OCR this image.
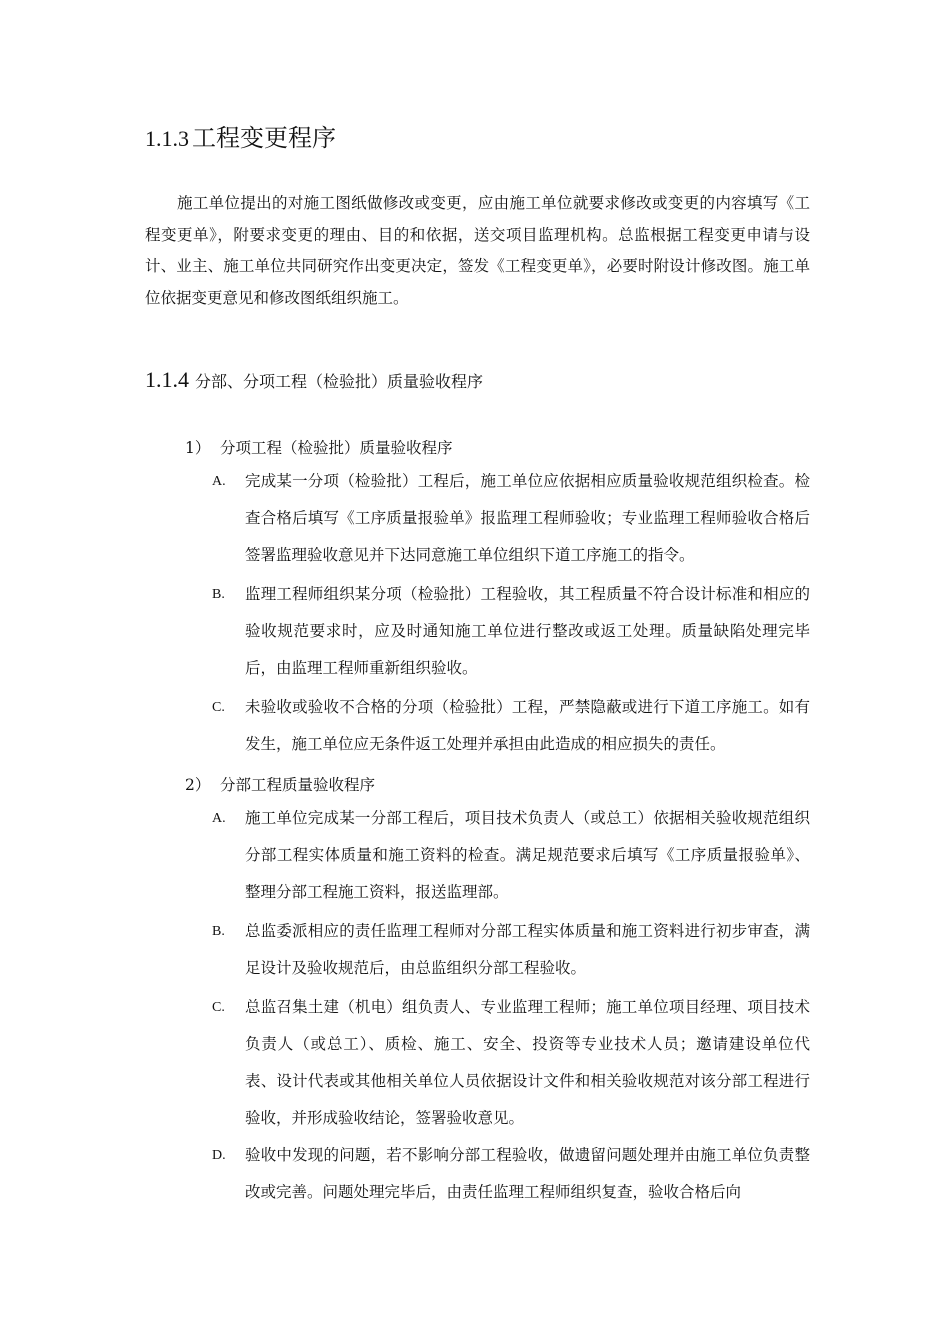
1.1.3 工程变更程序
施工单位提出的对施工图纸做修改或变更，应由施工单位就要求修改或变更的内容填写《工程变更单》，附要求变更的理由、目的和依据，送交项目监理机构。总监根据工程变更申请与设计、业主、施工单位共同研究作出变更决定，签发《工程变更单》，必要时附设计修改图。施工单位依据变更意见和修改图纸组织施工。
1.1.4 分部、分项工程（检验批）质量验收程序
1） 分项工程（检验批）质量验收程序
A. 完成某一分项（检验批）工程后，施工单位应依据相应质量验收规范组织检查。检查合格后填写《工序质量报验单》报监理工程师验收；专业监理工程师验收合格后签署监理验收意见并下达同意施工单位组织下道工序施工的指令。
B. 监理工程师组织某分项（检验批）工程验收，其工程质量不符合设计标准和相应的验收规范要求时，应及时通知施工单位进行整改或返工处理。质量缺陷处理完毕后，由监理工程师重新组织验收。
C. 未验收或验收不合格的分项（检验批）工程，严禁隐蔽或进行下道工序施工。如有发生，施工单位应无条件返工处理并承担由此造成的相应损失的责任。
2） 分部工程质量验收程序
A. 施工单位完成某一分部工程后，项目技术负责人（或总工）依据相关验收规范组织分部工程实体质量和施工资料的检查。满足规范要求后填写《工序质量报验单》、整理分部工程施工资料，报送监理部。
B. 总监委派相应的责任监理工程师对分部工程实体质量和施工资料进行初步审查，满足设计及验收规范后，由总监组织分部工程验收。
C. 总监召集土建（机电）组负责人、专业监理工程师；施工单位项目经理、项目技术负责人（或总工）、质检、施工、安全、投资等专业技术人员；邀请建设单位代表、设计代表或其他相关单位人员依据设计文件和相关验收规范对该分部工程进行验收，并形成验收结论，签署验收意见。
D. 验收中发现的问题，若不影响分部工程验收，做遗留问题处理并由施工单位负责整改或完善。问题处理完毕后，由责任监理工程师组织复查，验收合格后向
